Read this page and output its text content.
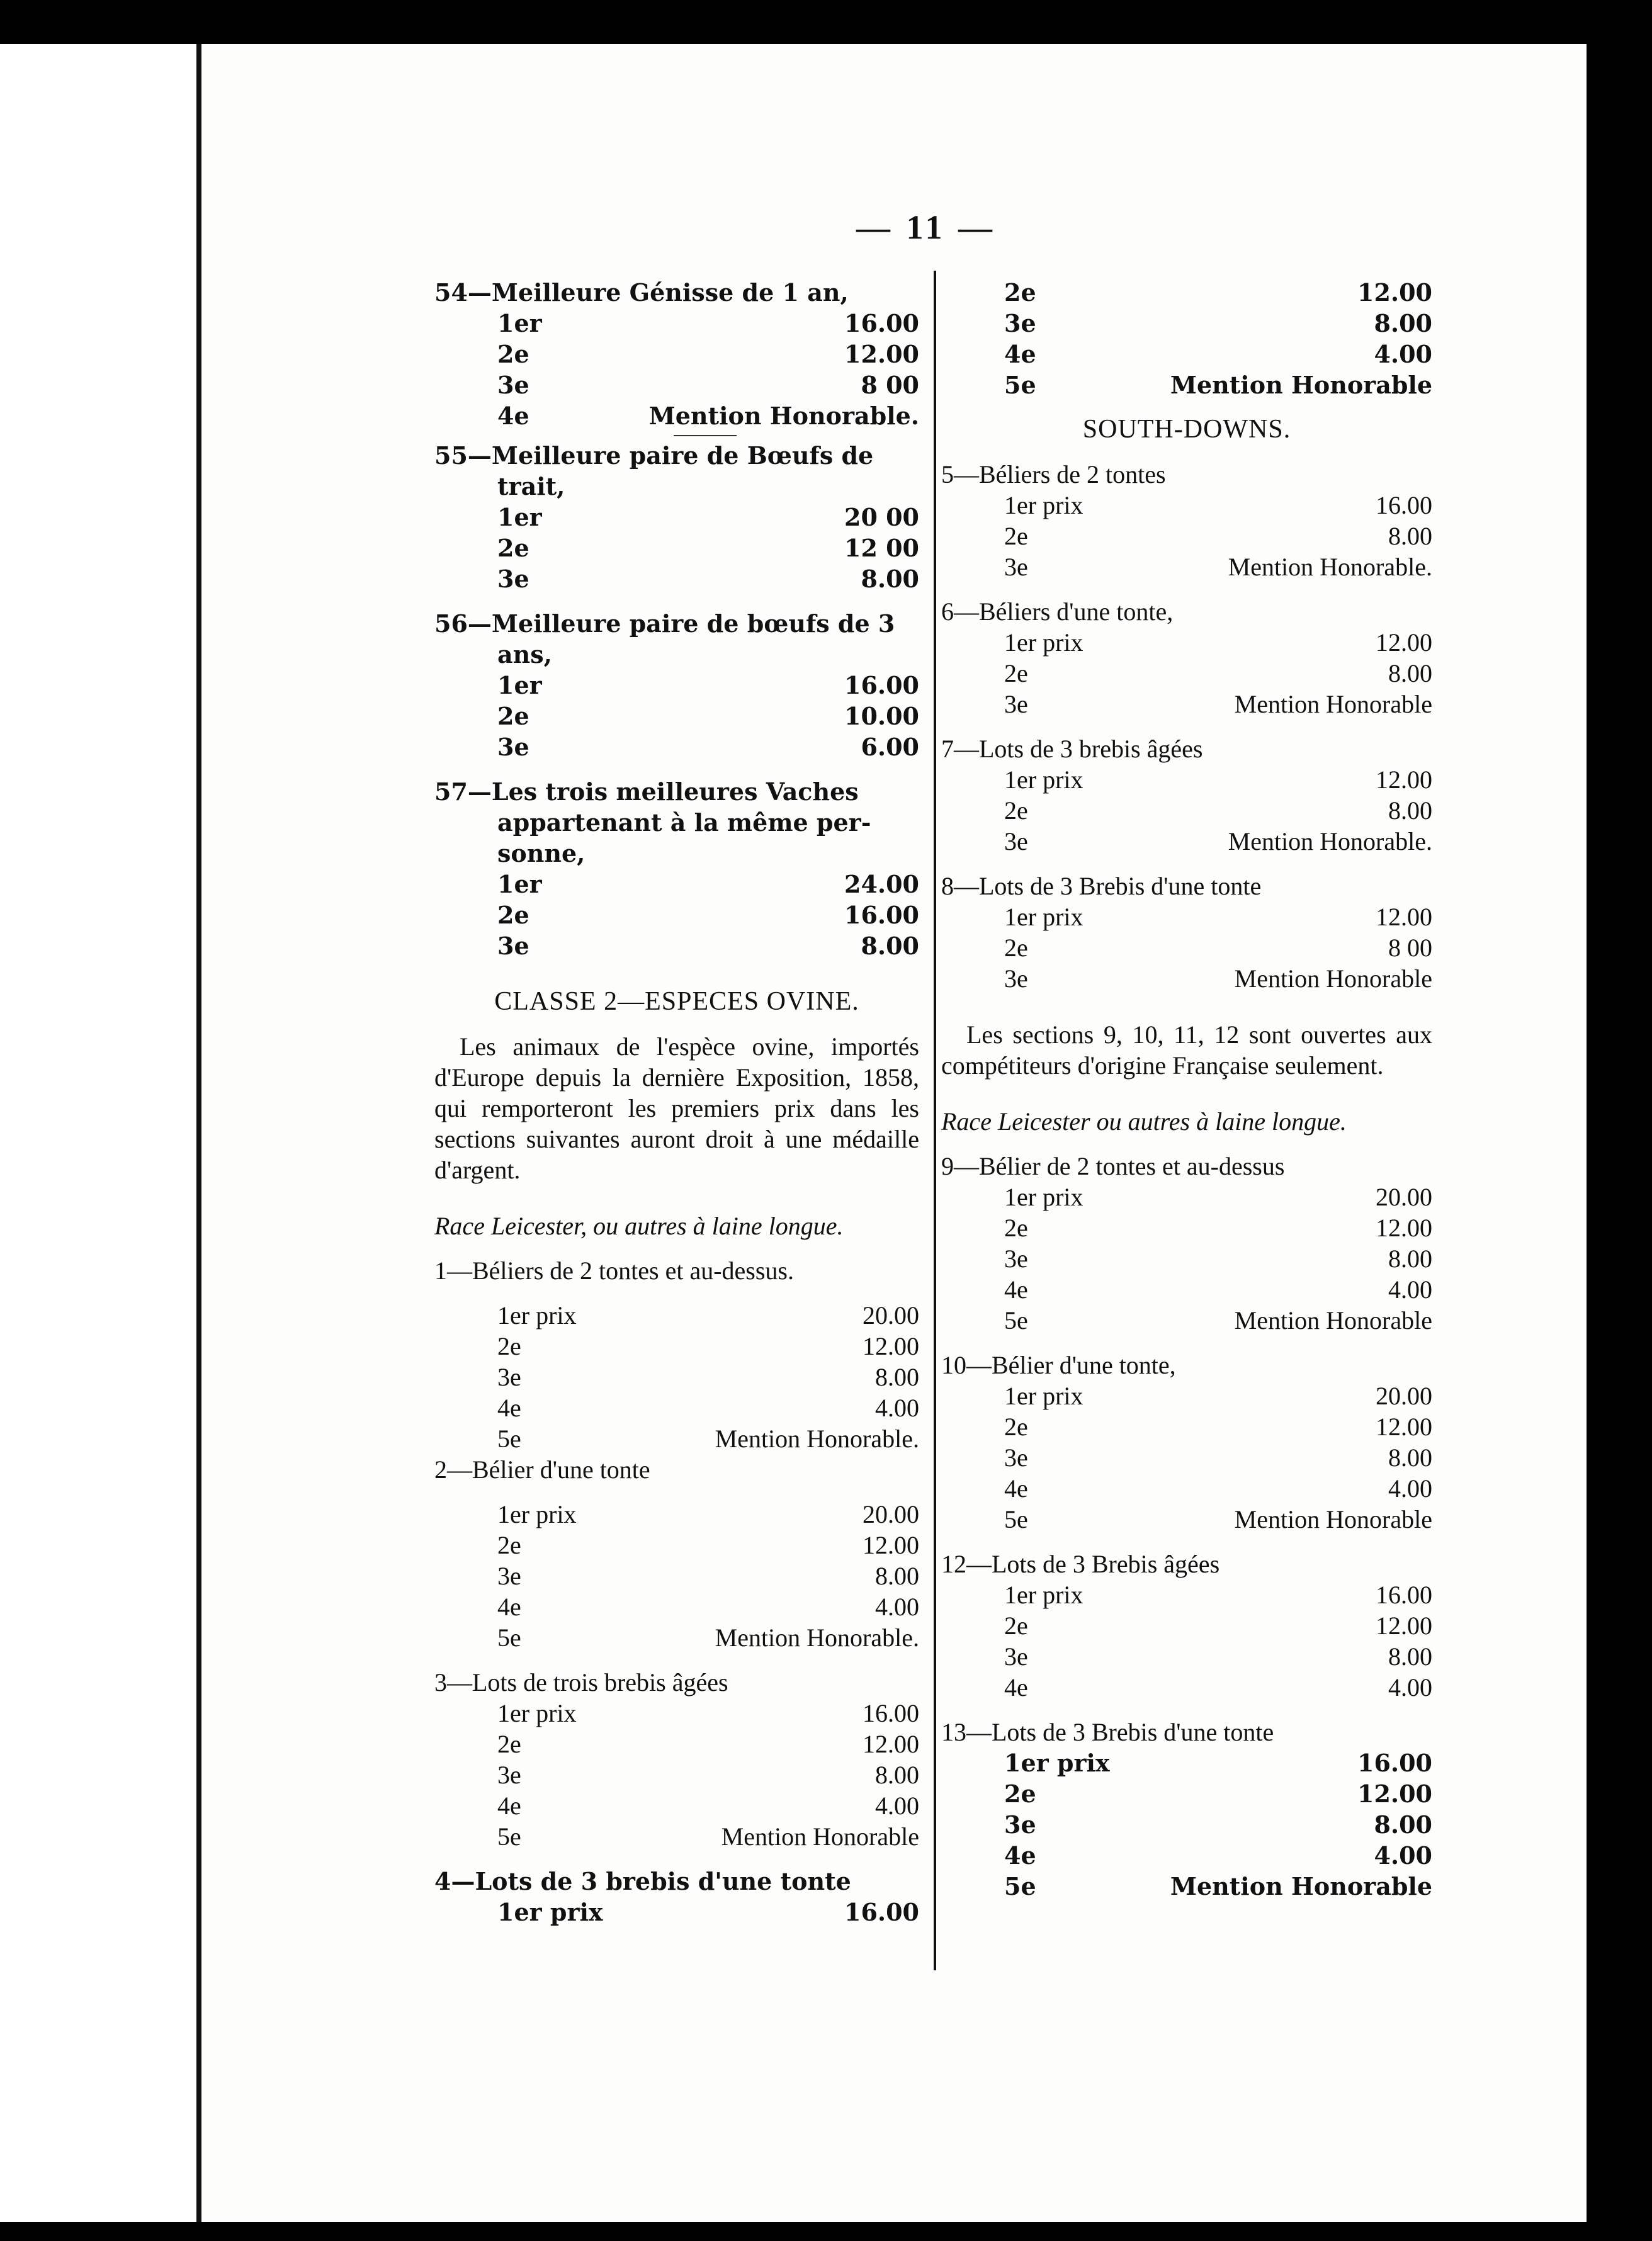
— 11 —
54—Meilleure Génisse de 1 an,
1er	16.00
2e	12.00
3e	8 00
4e	Mention Honorable.
55—Meilleure paire de Bœufs de
trait,
1er	20 00
2e	12 00
3e	8.00
56—Meilleure paire de bœufs de 3
ans,
1er	16.00
2e	10.00
3e	6.00
57—Les trois meilleures Vaches
appartenant à la même per-
sonne,
1er	24.00
2e	16.00
3e	8.00
CLASSE 2—ESPECES OVINE.
Les animaux de l'espèce ovine, importés d'Europe depuis la dernière Exposition, 1858, qui remporteront les premiers prix dans les sections suivantes auront droit à une médaille d'argent.
Race Leicester, ou autres à laine longue.
1—Béliers de 2 tontes et au-dessus.
1er prix	20.00
2e	12.00
3e	8.00
4e	4.00
5e	Mention Honorable.
2—Bélier d'une tonte
1er prix	20.00
2e	12.00
3e	8.00
4e	4.00
5e	Mention Honorable.
3—Lots de trois brebis âgées
1er prix	16.00
2e	12.00
3e	8.00
4e	4.00
5e	Mention Honorable
4—Lots de 3 brebis d'une tonte
1er prix	16.00
2e	12.00
3e	8.00
4e	4.00
5e	Mention Honorable
SOUTH-DOWNS.
5—Béliers de 2 tontes
1er prix	16.00
2e	8.00
3e	Mention Honorable.
6—Béliers d'une tonte,
1er prix	12.00
2e	8.00
3e	Mention Honorable
7—Lots de 3 brebis âgées
1er prix	12.00
2e	8.00
3e	Mention Honorable.
8—Lots de 3 Brebis d'une tonte
1er prix	12.00
2e	8 00
3e	Mention Honorable
Les sections 9, 10, 11, 12 sont ouvertes aux compétiteurs d'origine Française seulement.
Race Leicester ou autres à laine longue.
9—Bélier de 2 tontes et au-dessus
1er prix	20.00
2e	12.00
3e	8.00
4e	4.00
5e	Mention Honorable
10—Bélier d'une tonte,
1er prix	20.00
2e	12.00
3e	8.00
4e	4.00
5e	Mention Honorable
12—Lots de 3 Brebis âgées
1er prix	16.00
2e	12.00
3e	8.00
4e	4.00
13—Lots de 3 Brebis d'une tonte
1er prix	16.00
2e	12.00
3e	8.00
4e	4.00
5e	Mention Honorable
